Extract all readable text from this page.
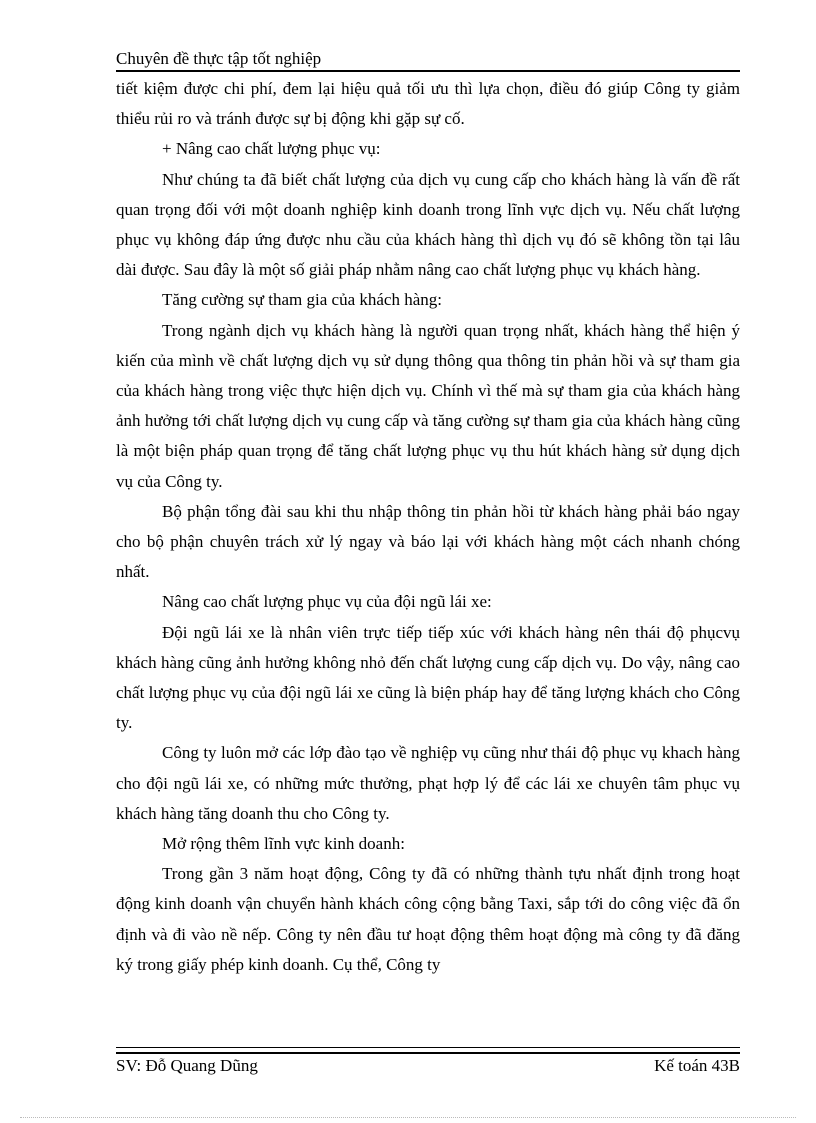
Chuyên đề thực tập tốt nghiệp

tiết kiệm được chi phí, đem lại hiệu quả tối ưu thì lựa chọn, điều đó giúp Công ty giảm thiểu rủi ro và tránh được sự bị động khi gặp sự cố.

+ Nâng cao chất lượng phục vụ:

Như chúng ta đã biết chất lượng của dịch vụ cung cấp cho khách hàng là vấn đề rất quan trọng đối với một doanh nghiệp kinh doanh trong lĩnh vực dịch vụ. Nếu chất lượng phục vụ không đáp ứng được nhu cầu của khách hàng thì dịch vụ đó sẽ không tồn tại lâu dài được. Sau đây là một số giải pháp nhằm nâng cao chất lượng phục vụ khách hàng.

Tăng cường sự tham gia của khách hàng:

Trong ngành dịch vụ khách hàng là người quan trọng nhất, khách hàng thể hiện ý kiến của mình về chất lượng dịch vụ sử dụng thông qua thông tin phản hồi và sự tham gia của khách hàng trong việc thực hiện dịch vụ. Chính vì thế mà sự tham gia của khách hàng ảnh hưởng tới chất lượng dịch vụ cung cấp và tăng cường sự tham gia của khách hàng cũng là một biện pháp quan trọng để tăng chất lượng phục vụ thu hút khách hàng sử dụng dịch vụ của Công ty.

Bộ phận tổng đài sau khi thu nhập thông tin phản hồi từ khách hàng phải báo ngay cho bộ phận chuyên trách xử lý ngay và báo lại với khách hàng một cách nhanh chóng nhất.

Nâng cao chất lượng phục vụ của đội ngũ lái xe:

Đội ngũ lái xe là nhân viên trực tiếp tiếp xúc với khách hàng nên thái độ phụcvụ khách hàng cũng ảnh hưởng không nhỏ đến chất lượng cung cấp dịch vụ. Do vậy, nâng cao chất lượng phục vụ của đội ngũ lái xe cũng là biện pháp hay để tăng lượng khách cho Công ty.

Công ty luôn mở các lớp đào tạo về nghiệp vụ cũng như thái độ phục vụ khach hàng cho đội ngũ lái xe, có những mức thưởng, phạt hợp lý để các lái xe chuyên tâm phục vụ khách hàng tăng doanh thu cho Công ty.

Mở rộng thêm lĩnh vực kinh doanh:

Trong gần 3 năm hoạt động, Công ty đã có những thành tựu nhất định trong hoạt động kinh doanh vận chuyển hành khách công cộng bằng Taxi, sắp tới do công việc đã ổn định và đi vào nề nếp. Công ty nên đầu tư hoạt động thêm hoạt động mà công ty đã đăng ký trong giấy phép kinh doanh. Cụ thể, Công ty

SV: Đỗ Quang Dũng	Kế toán 43B
